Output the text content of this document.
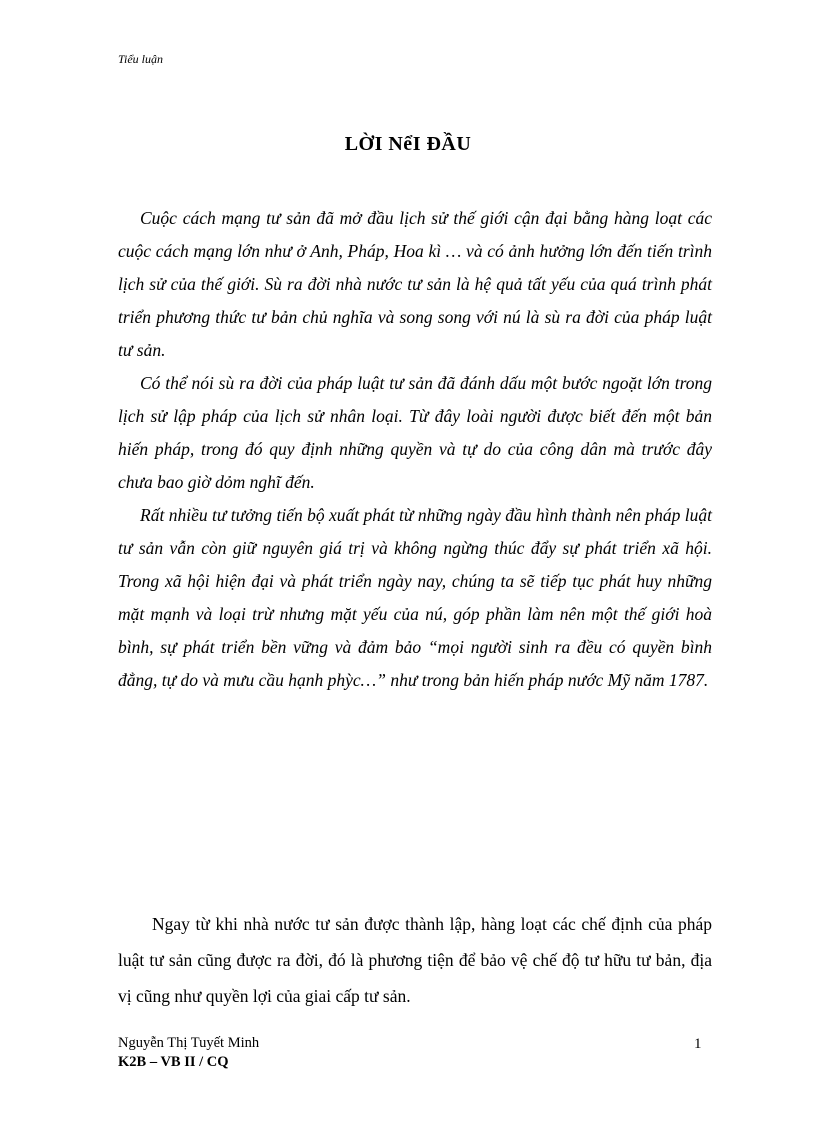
Tiểu luận
LỜI NểI ĐẦU

Cuộc cách mạng tư sản đã mở đầu lịch sử thế giới cận đại bằng hàng loạt các cuộc cách mạng lớn như ở Anh, Pháp, Hoa kì … và có ảnh hưởng lớn đến tiến trình lịch sử của thế giới. Sù ra đời nhà nước tư sản là hệ quả tất yếu của quá trình phát triển phương thức tư bản chủ nghĩa và song song với nú là sù ra đời của pháp luật tư sản.

Có thể nói sù ra đời của pháp luật tư sản đã đánh dấu một bước ngoặt lớn trong lịch sử lập pháp của lịch sử nhân loại. Từ đây loài người được biết đến một bản hiến pháp, trong đó quy định những quyền và tự do của công dân mà trước đây chưa bao giờ dỏm nghĩ đến.

Rất nhiều tư tưởng tiến bộ xuất phát từ những ngày đầu hình thành nên pháp luật tư sản vẫn còn giữ nguyên giá trị và không ngừng thúc đẩy sự phát triển xã hội. Trong xã hội hiện đại và phát triển ngày nay, chúng ta sẽ tiếp tục phát huy những mặt mạnh và loại trừ nhưng mặt yếu của nú, góp phần làm nên một thế giới hoà bình, sự phát triển bền vững và đảm bảo “mọi người sinh ra đều có quyền bình đẳng, tự do và mưu cầu hạnh phỳc…” như trong bản hiến pháp nước Mỹ năm 1787.

Ngay từ khi nhà nước tư sản được thành lập, hàng loạt các chế định của pháp luật tư sản cũng được ra đời, đó là phương tiện để bảo vệ chế độ tư hữu tư bản, địa vị cũng như quyền lợi của giai cấp tư sản.

Nguyễn Thị Tuyết Minh
K2B – VB II / CQ
1
